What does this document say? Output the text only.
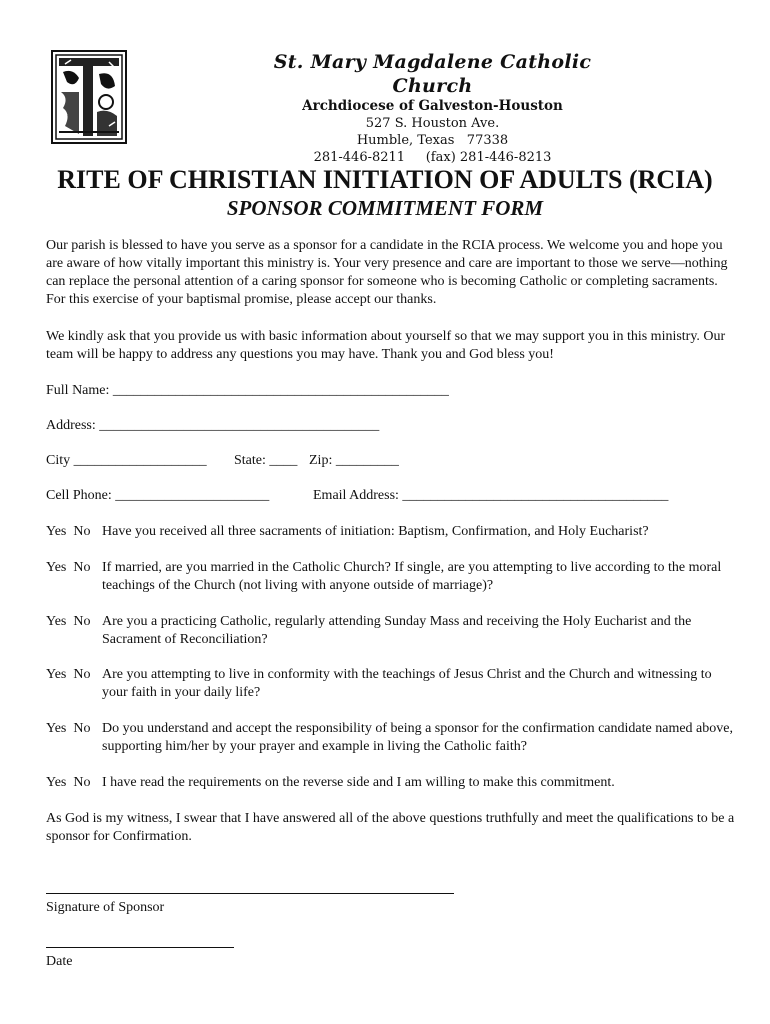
St. Mary Magdalene Catholic Church
Archdiocese of Galveston-Houston
527 S. Houston Ave.
Humble, Texas   77338
281-446-8211     (fax) 281-446-8213
RITE OF CHRISTIAN INITIATION OF ADULTS (RCIA)
SPONSOR COMMITMENT FORM
Our parish is blessed to have you serve as a sponsor for a candidate in the RCIA process. We welcome you and hope you are aware of how vitally important this ministry is. Your very presence and care are important to those we serve—nothing can replace the personal attention of a caring sponsor for someone who is becoming Catholic or completing sacraments. For this exercise of your baptismal promise, please accept our thanks.
We kindly ask that you provide us with basic information about yourself so that we may support you in this ministry. Our team will be happy to address any questions you may have. Thank you and God bless you!
Full Name: ________________________________________________
Address: ________________________________________
City ___________________ State: ____ Zip: _________
Cell Phone: ______________________	Email Address: ______________________________________
Yes  No Have you received all three sacraments of initiation: Baptism, Confirmation, and Holy Eucharist?
Yes  No If married, are you married in the Catholic Church? If single, are you attempting to live according to the moral teachings of the Church (not living with anyone outside of marriage)?
Yes  No Are you a practicing Catholic, regularly attending Sunday Mass and receiving the Holy Eucharist and the Sacrament of Reconciliation?
Yes  No Are you attempting to live in conformity with the teachings of Jesus Christ and the Church and witnessing to your faith in your daily life?
Yes  No Do you understand and accept the responsibility of being a sponsor for the confirmation candidate named above, supporting him/her by your prayer and example in living the Catholic faith?
Yes  No I have read the requirements on the reverse side and I am willing to make this commitment.
As God is my witness, I swear that I have answered all of the above questions truthfully and meet the qualifications to be a sponsor for Confirmation.
Signature of Sponsor
Date
